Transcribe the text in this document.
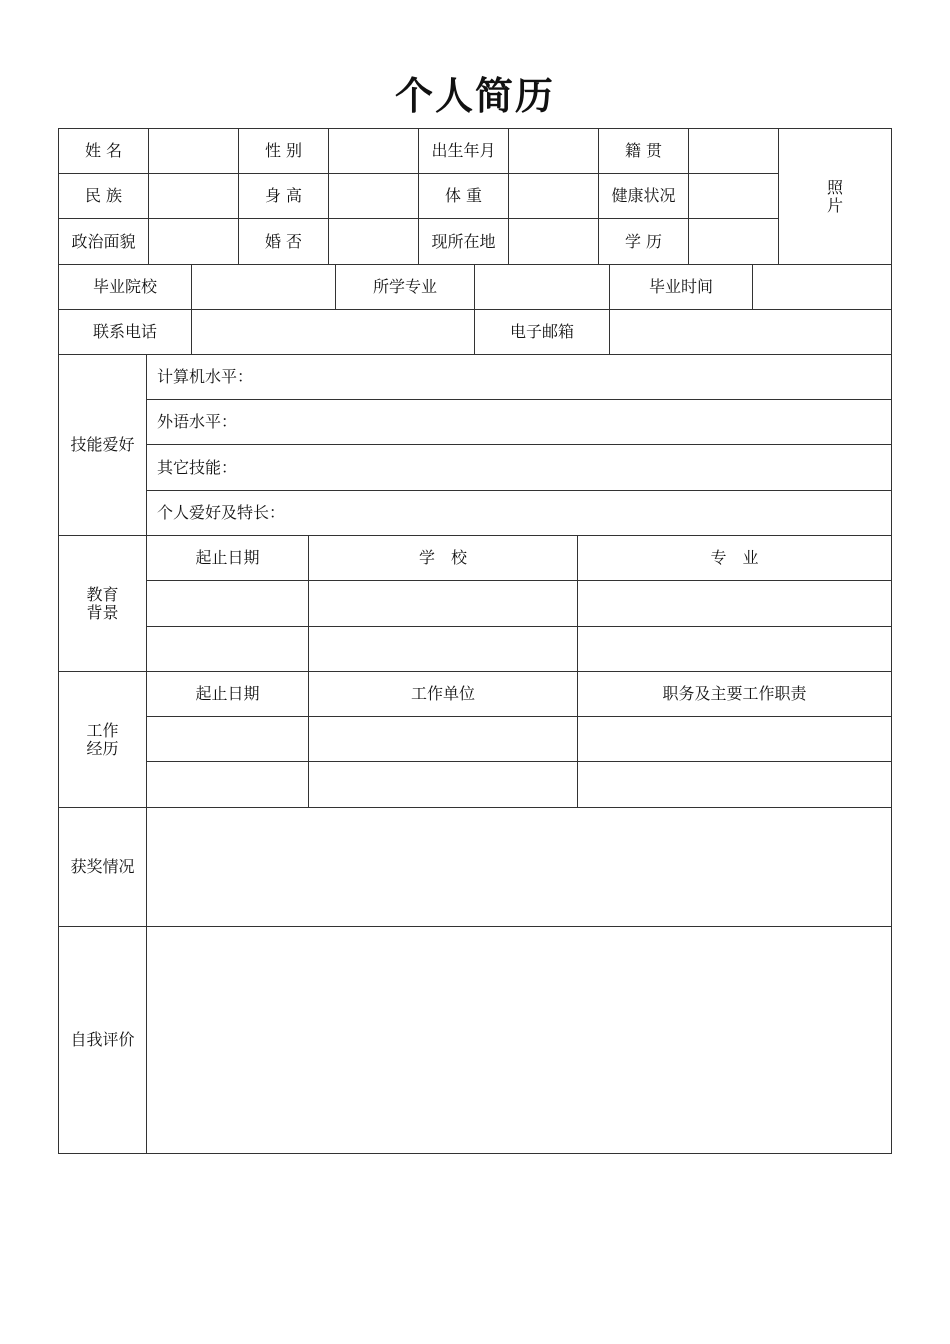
个人简历
姓 名	性 别	出生年月	籍 贯
照
片
民 族	身 高	体 重	健康状况
政治面貌	婚 否	现所在地	学 历
毕业院校	所学专业	毕业时间
联系电话	电子邮箱
技能爱好
计算机水平：
外语水平：
其它技能：
个人爱好及特长：
教育
背景
起止日期	学　校	专　业
工作
经历
起止日期	工作单位	职务及主要工作职责
获奖情况
自我评价
